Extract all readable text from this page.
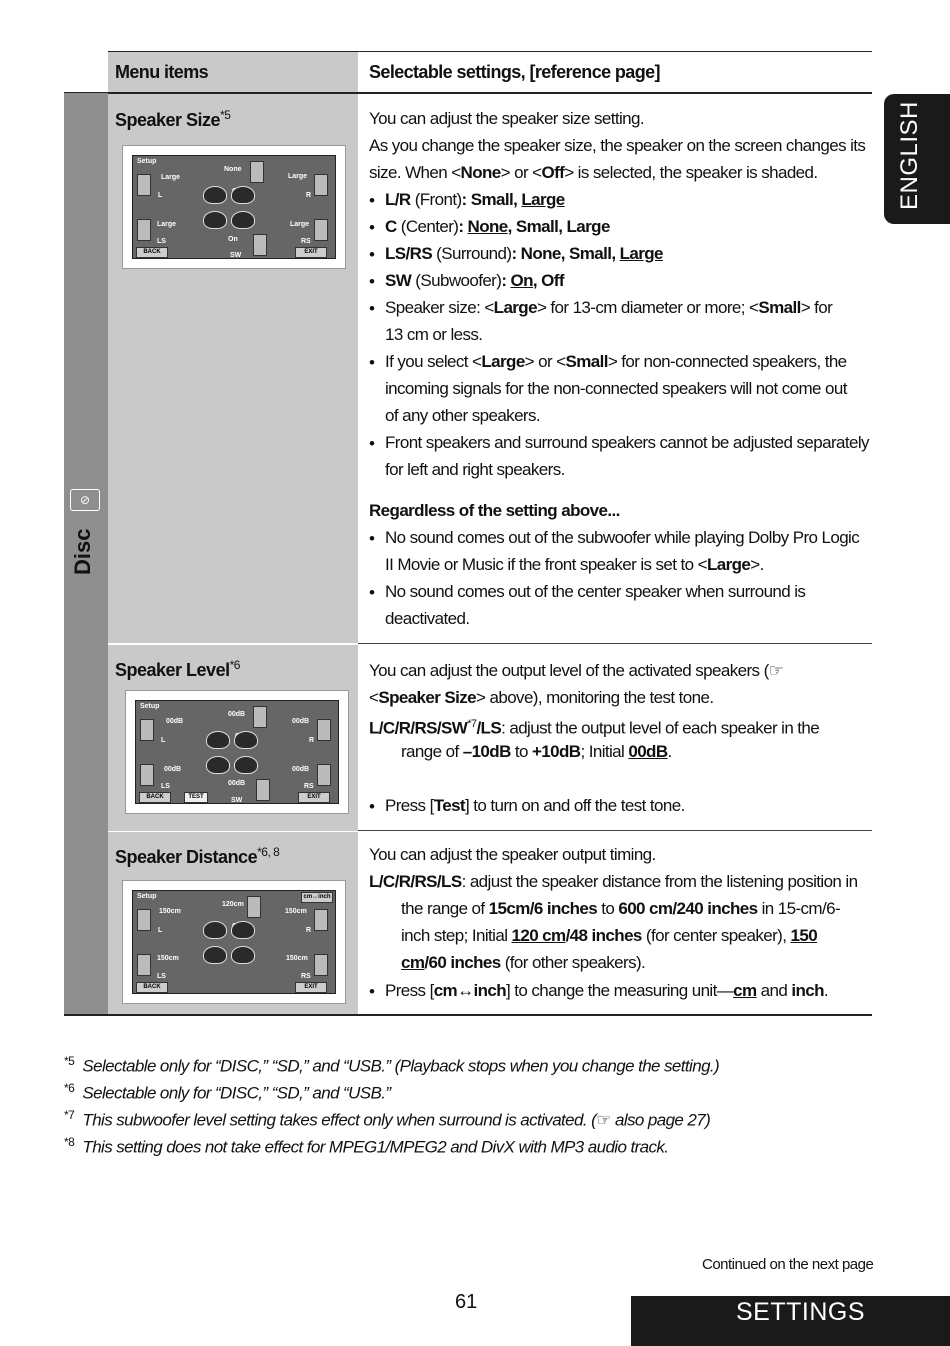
ENGLISH
Menu items	Selectable settings, [reference page]
⊘
Disc
Speaker Size$^{*5}$
Setup
Large
None
Large
Large	Large
On
L	R
LS	RS
SW
BACK	EXIT
You can adjust the speaker size setting.
As you change the speaker size, the speaker on the screen changes its
size. When <None> or <Off> is selected, the speaker is shaded.
• L/R (Front): Small, Large
• C (Center): None, Small, Large
• LS/RS (Surround): None, Small, Large
• SW (Subwoofer): On, Off
• Speaker size: <Large> for 13-cm diameter or more; <Small> for
13 cm or less.
• If you select <Large> or <Small> for non-connected speakers, the
incoming signals for the non-connected speakers will not come out
of any other speakers.
• Front speakers and surround speakers cannot be adjusted separately
for left and right speakers.
Regardless of the setting above...
• No sound comes out of the subwoofer while playing Dolby Pro Logic
II Movie or Music if the front speaker is set to <Large>.
• No sound comes out of the center speaker when surround is
deactivated.
Speaker Level$^{*6}$
Setup
00dB
00dB
00dB
00dB
00dB
00dB
L	R
LS	RS
SW
BACK	TEST	EXIT
You can adjust the output level of the activated speakers (☞
<Speaker Size> above), monitoring the test tone.
L/C/R/RS/SW$^{*7}$/LS: adjust the output level of each speaker in the
range of –10dB to +10dB; Initial 00dB.
• Press [Test] to turn on and off the test tone.
Speaker Distance$^{*6, 8}$
Setup	cm↔inch
150cm
120cm
150cm
150cm	150cm
L	R
LS	RS
BACK	EXIT
You can adjust the speaker output timing.
L/C/R/RS/LS: adjust the speaker distance from the listening position in
the range of 15cm/6 inches to 600 cm/240 inches in 15-cm/6-
inch step; Initial 120 cm/48 inches (for center speaker), 150
cm/60 inches (for other speakers).
• Press [cm↔inch] to change the measuring unit—cm and inch.
$^{*5}$ Selectable only for “DISC,” “SD,” and “USB.” (Playback stops when you change the setting.)
$^{*6}$ Selectable only for “DISC,” “SD,” and “USB.”
$^{*7}$ This subwoofer level setting takes effect only when surround is activated. (☞ also page 27)
$^{*8}$ This setting does not take effect for MPEG1/MPEG2 and DivX with MP3 audio track.
Continued on the next page
61	SETTINGS
